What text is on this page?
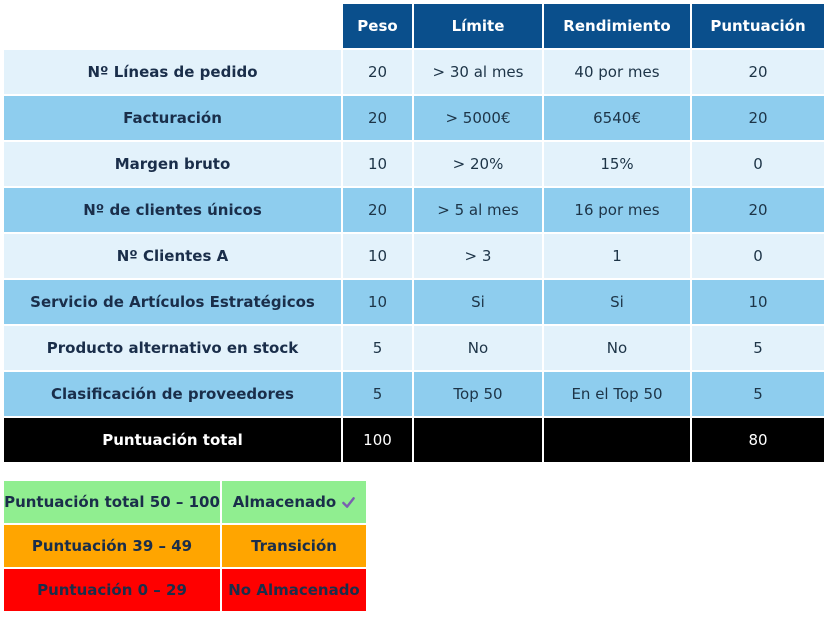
	Peso	Límite	Rendimiento	Puntuación
Nº Líneas de pedido	20	> 30 al mes	40 por mes	20
Facturación	20	> 5000€	6540€	20
Margen bruto	10	> 20%	15%	0
Nº de clientes únicos	20	> 5 al mes	16 por mes	20
Nº Clientes A	10	> 3	1	0
Servicio de Artículos Estratégicos	10	Si	Si	10
Producto alternativo en stock	5	No	No	5
Clasificación de proveedores	5	Top 50	En el Top 50	5
Puntuación total	100			80
Puntuación total 50 – 100	Almacenado
Puntuación 39 – 49	Transición
Puntuación 0 – 29	No Almacenado
